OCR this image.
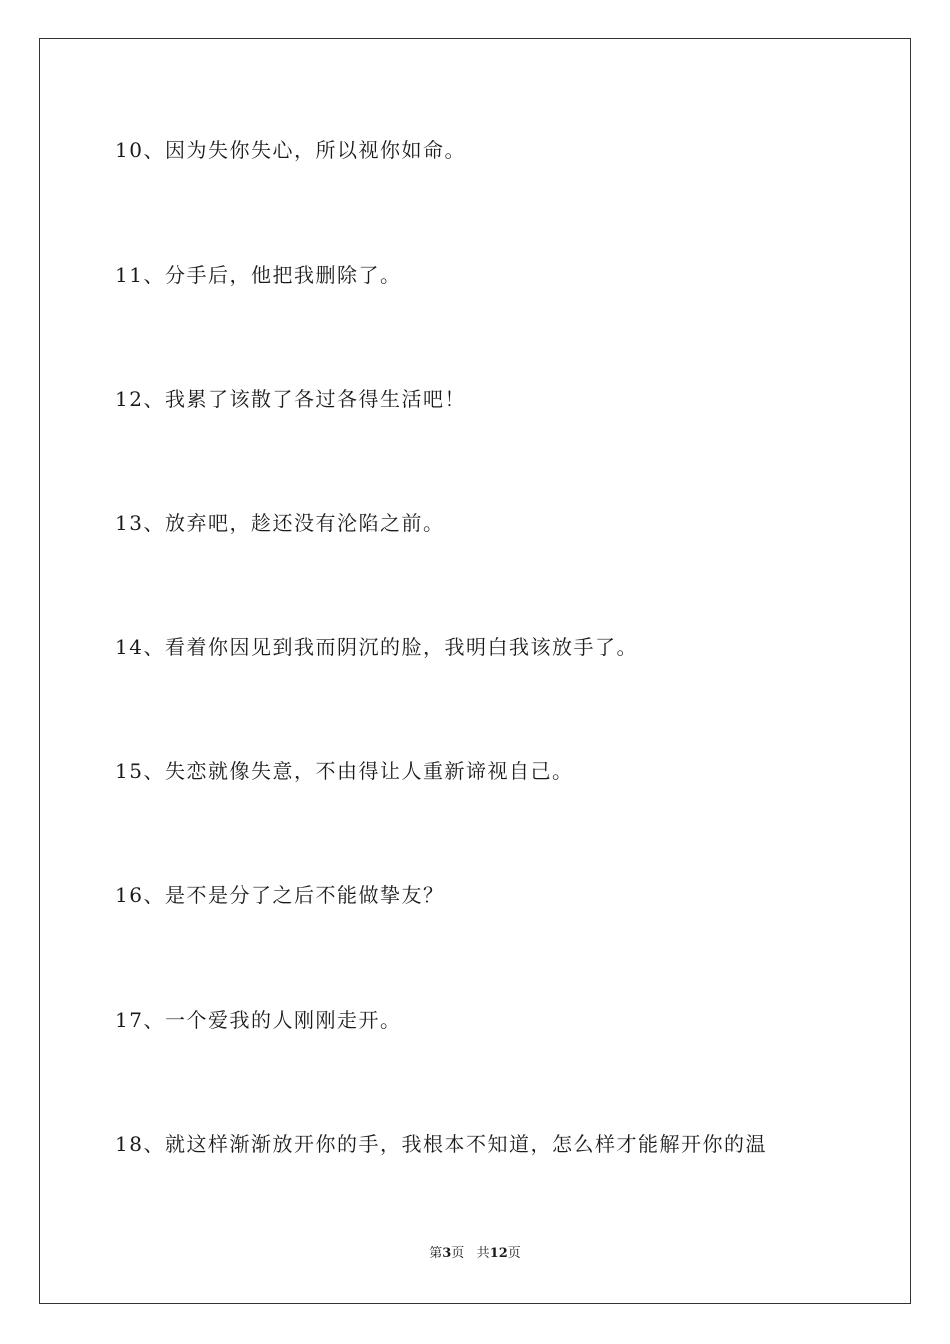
10、因为失你失心，所以视你如命。
11、分手后，他把我删除了。
12、我累了该散了各过各得生活吧！
13、放弃吧，趁还没有沦陷之前。
14、看着你因见到我而阴沉的脸，我明白我该放手了。
15、失恋就像失意，不由得让人重新谛视自己。
16、是不是分了之后不能做挚友？
17、一个爱我的人刚刚走开。
18、就这样渐渐放开你的手，我根本不知道，怎么样才能解开你的温
第3页 共12页
